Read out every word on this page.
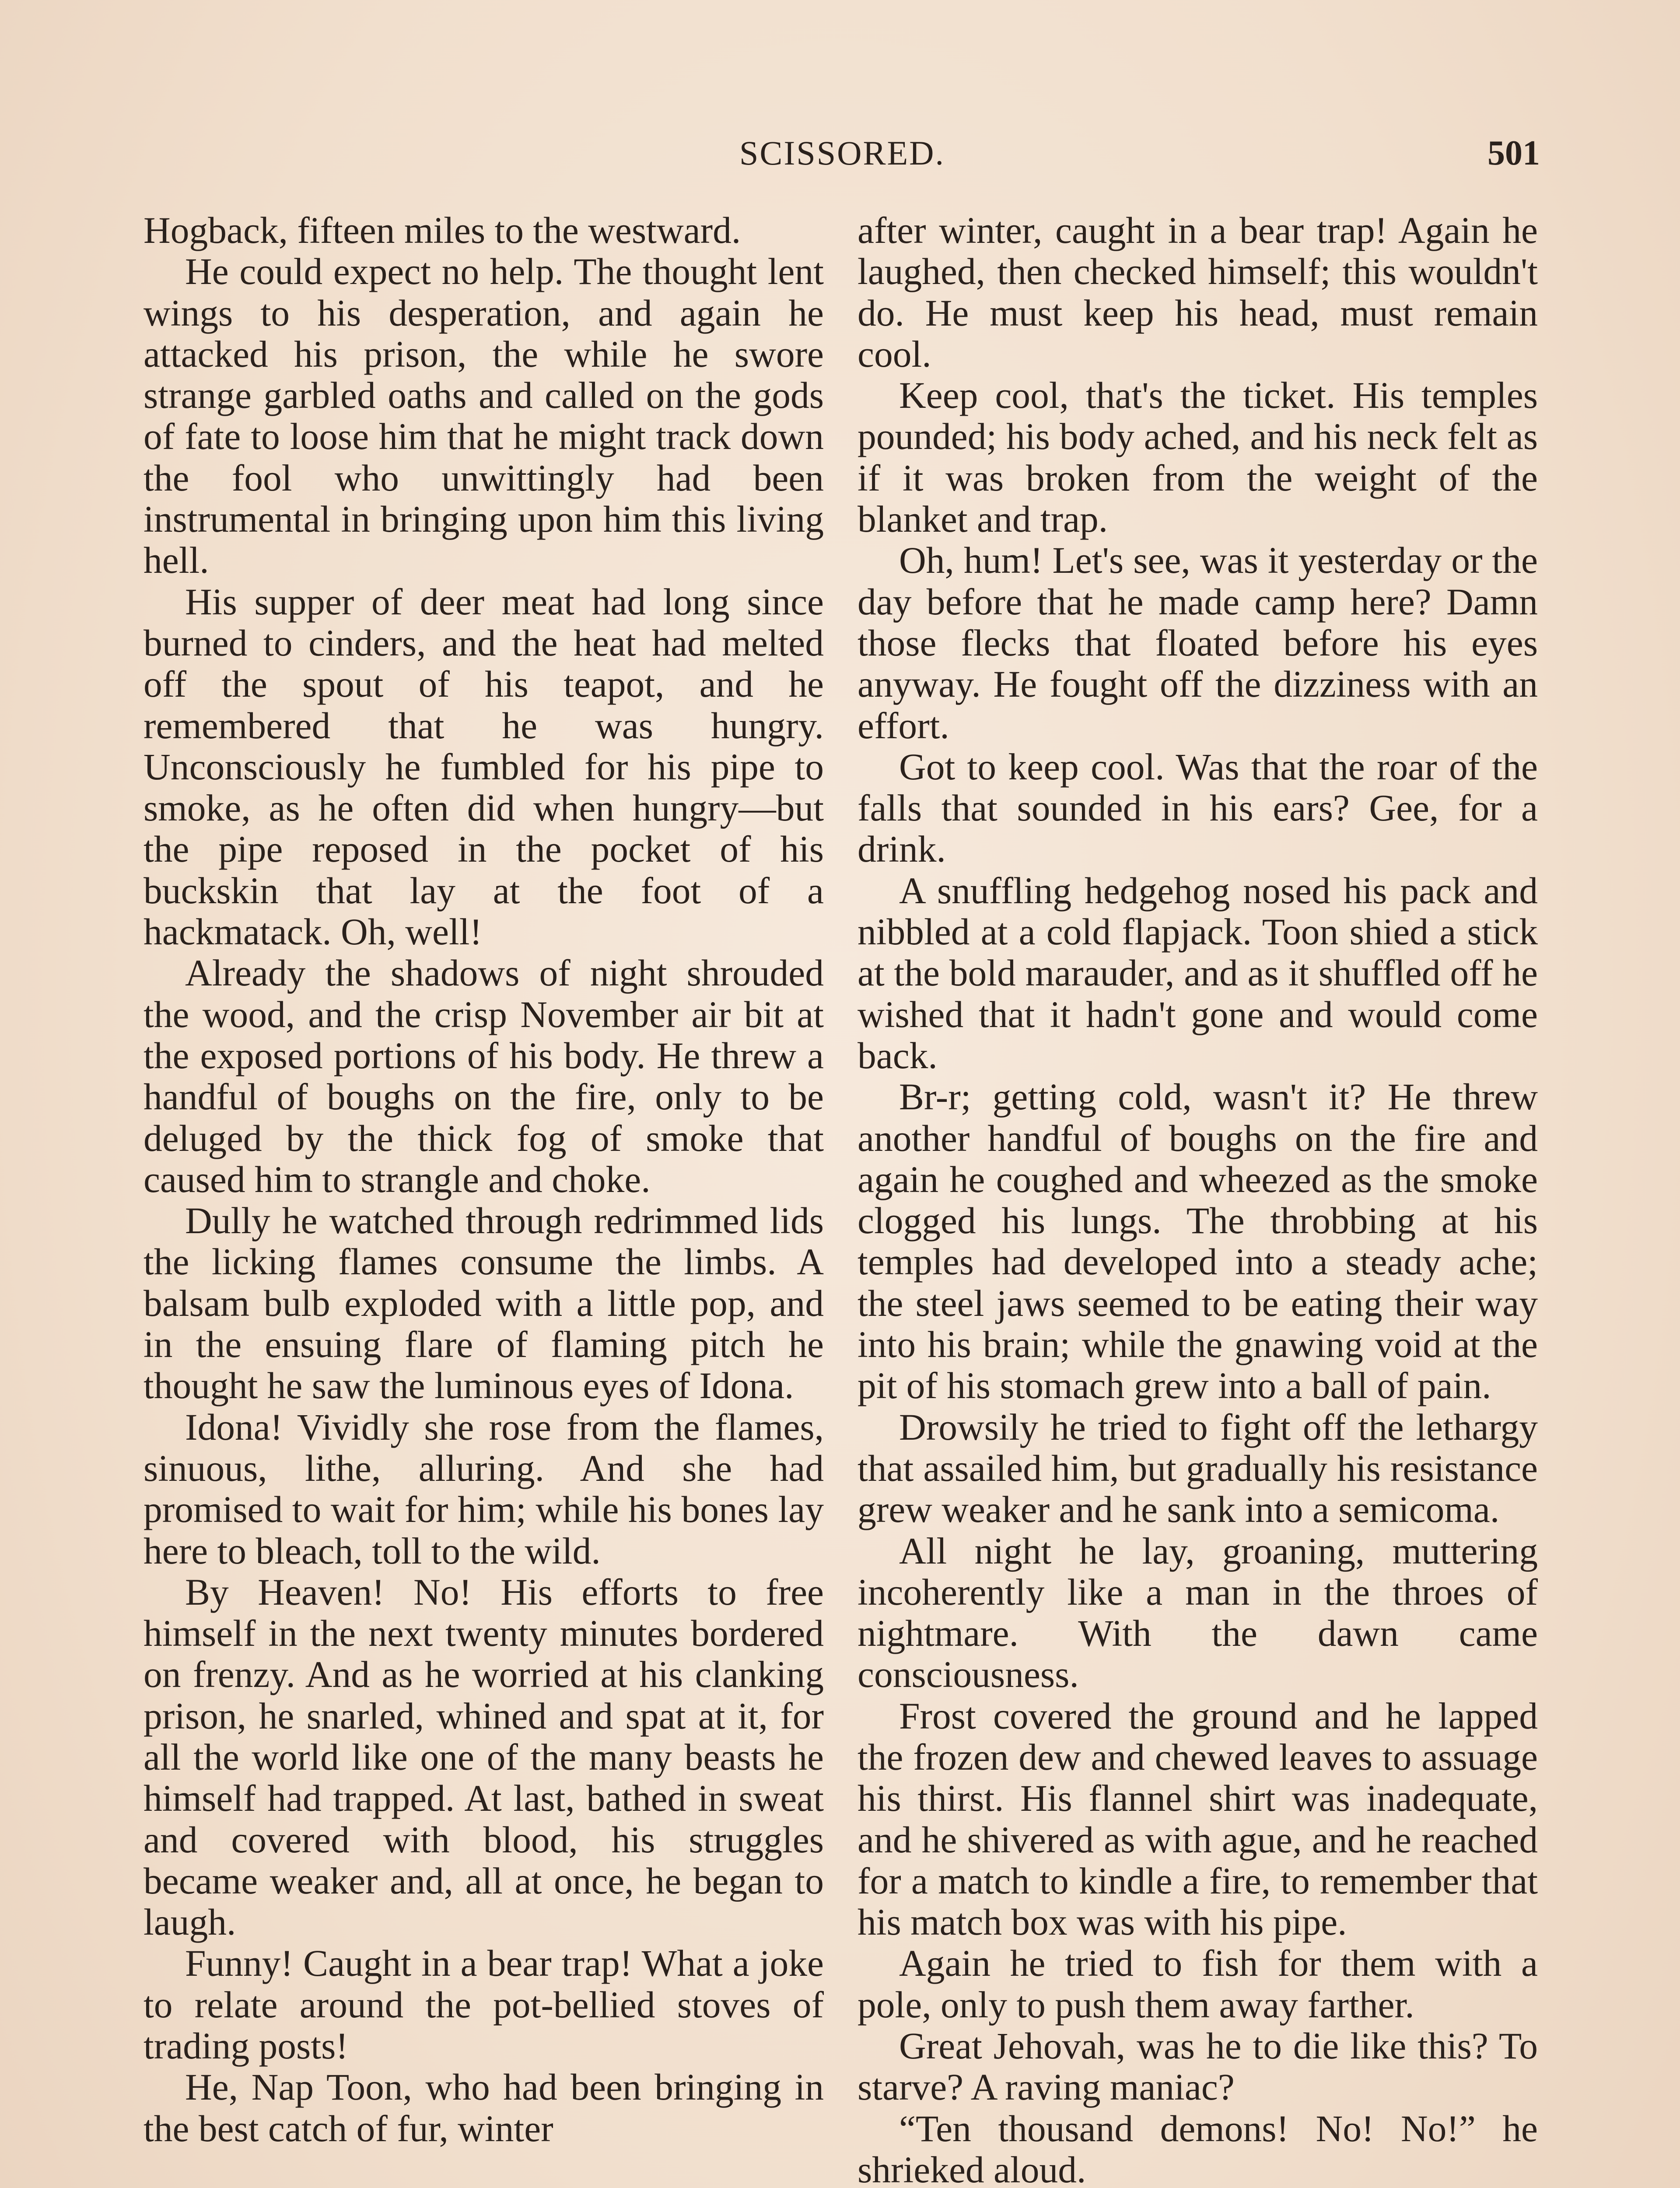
SCISSORED.	501

Hogback, fifteen miles to the westward.

He could expect no help. The thought lent wings to his desperation, and again he attacked his prison, the while he swore strange garbled oaths and called on the gods of fate to loose him that he might track down the fool who unwittingly had been instrumental in bringing upon him this living hell.

His supper of deer meat had long since burned to cinders, and the heat had melted off the spout of his teapot, and he remembered that he was hungry. Unconsciously he fumbled for his pipe to smoke, as he often did when hungry—but the pipe reposed in the pocket of his buckskin that lay at the foot of a hackmatack. Oh, well!

Already the shadows of night shrouded the wood, and the crisp November air bit at the exposed portions of his body. He threw a handful of boughs on the fire, only to be deluged by the thick fog of smoke that caused him to strangle and choke.

Dully he watched through redrimmed lids the licking flames consume the limbs. A balsam bulb exploded with a little pop, and in the ensuing flare of flaming pitch he thought he saw the luminous eyes of Idona.

Idona! Vividly she rose from the flames, sinuous, lithe, alluring. And she had promised to wait for him; while his bones lay here to bleach, toll to the wild.

By Heaven! No! His efforts to free himself in the next twenty minutes bordered on frenzy. And as he worried at his clanking prison, he snarled, whined and spat at it, for all the world like one of the many beasts he himself had trapped. At last, bathed in sweat and covered with blood, his struggles became weaker and, all at once, he began to laugh.

Funny! Caught in a bear trap! What a joke to relate around the pot-bellied stoves of trading posts!

He, Nap Toon, who had been bringing in the best catch of fur, winter

after winter, caught in a bear trap! Again he laughed, then checked himself; this wouldn't do. He must keep his head, must remain cool.

Keep cool, that's the ticket. His temples pounded; his body ached, and his neck felt as if it was broken from the weight of the blanket and trap.

Oh, hum! Let's see, was it yesterday or the day before that he made camp here? Damn those flecks that floated before his eyes anyway. He fought off the dizziness with an effort.

Got to keep cool. Was that the roar of the falls that sounded in his ears? Gee, for a drink.

A snuffling hedgehog nosed his pack and nibbled at a cold flapjack. Toon shied a stick at the bold marauder, and as it shuffled off he wished that it hadn't gone and would come back.

Br-r; getting cold, wasn't it? He threw another handful of boughs on the fire and again he coughed and wheezed as the smoke clogged his lungs. The throbbing at his temples had developed into a steady ache; the steel jaws seemed to be eating their way into his brain; while the gnawing void at the pit of his stomach grew into a ball of pain.

Drowsily he tried to fight off the lethargy that assailed him, but gradually his resistance grew weaker and he sank into a semicoma.

All night he lay, groaning, muttering incoherently like a man in the throes of nightmare. With the dawn came consciousness.

Frost covered the ground and he lapped the frozen dew and chewed leaves to assuage his thirst. His flannel shirt was inadequate, and he shivered as with ague, and he reached for a match to kindle a fire, to remember that his match box was with his pipe.

Again he tried to fish for them with a pole, only to push them away farther.

Great Jehovah, was he to die like this? To starve? A raving maniac?

“Ten thousand demons! No! No!” he shrieked aloud.
